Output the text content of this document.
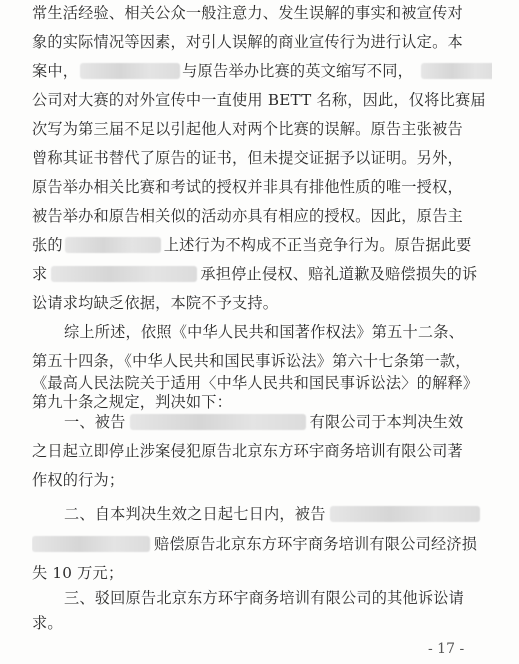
常生活经验、相关公众一般注意力、发生误解的事实和被宣传对
象的实际情况等因素，对引人误解的商业宣传行为进行认定。本
案中，	与原告举办比赛的英文缩写不同，
公司对大赛的对外宣传中一直使用 BETT 名称，因此，仅将比赛届
次写为第三届不足以引起他人对两个比赛的误解。原告主张被告
曾称其证书替代了原告的证书，但未提交证据予以证明。另外，
原告举办相关比赛和考试的授权并非具有排他性质的唯一授权，
被告举办和原告相关似的活动亦具有相应的授权。因此，原告主
张的	上述行为不构成不正当竞争行为。原告据此要
求	承担停止侵权、赔礼道歉及赔偿损失的诉
讼请求均缺乏依据，本院不予支持。
综上所述，依照《中华人民共和国著作权法》第五十二条、
第五十四条，《中华人民共和国民事诉讼法》第六十七条第一款，
《最高人民法院关于适用〈中华人民共和国民事诉讼法〉的解释》
第九十条之规定，判决如下：
一、被告	有限公司于本判决生效
之日起立即停止涉案侵犯原告北京东方环宇商务培训有限公司著
作权的行为；
二、自本判决生效之日起七日内，被告
赔偿原告北京东方环宇商务培训有限公司经济损
失 10 万元；
三、驳回原告北京东方环宇商务培训有限公司的其他诉讼请
求。
- 17 -
